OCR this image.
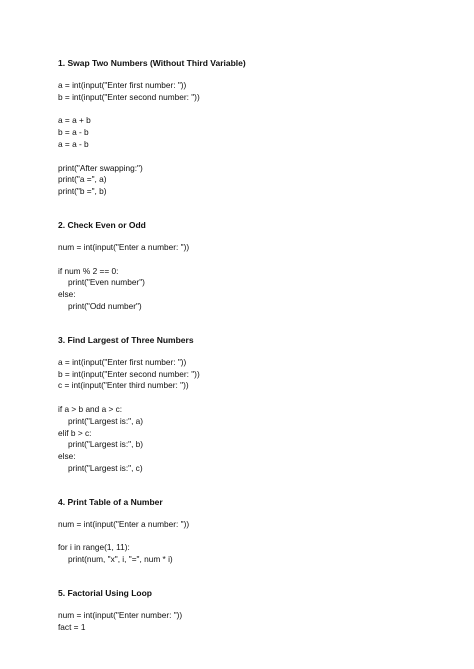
1. Swap Two Numbers (Without Third Variable)
a = int(input("Enter first number: "))
b = int(input("Enter second number: "))
a = a + b
b = a - b
a = a - b
print("After swapping:")
print("a =", a)
print("b =", b)
2. Check Even or Odd
num = int(input("Enter a number: "))
if num % 2 == 0:
print("Even number")
else:
print("Odd number")
3. Find Largest of Three Numbers
a = int(input("Enter first number: "))
b = int(input("Enter second number: "))
c = int(input("Enter third number: "))
if a > b and a > c:
print("Largest is:", a)
elif b > c:
print("Largest is:", b)
else:
print("Largest is:", c)
4. Print Table of a Number
num = int(input("Enter a number: "))
for i in range(1, 11):
print(num, "x", i, "=", num * i)
5. Factorial Using Loop
num = int(input("Enter number: "))
fact = 1
